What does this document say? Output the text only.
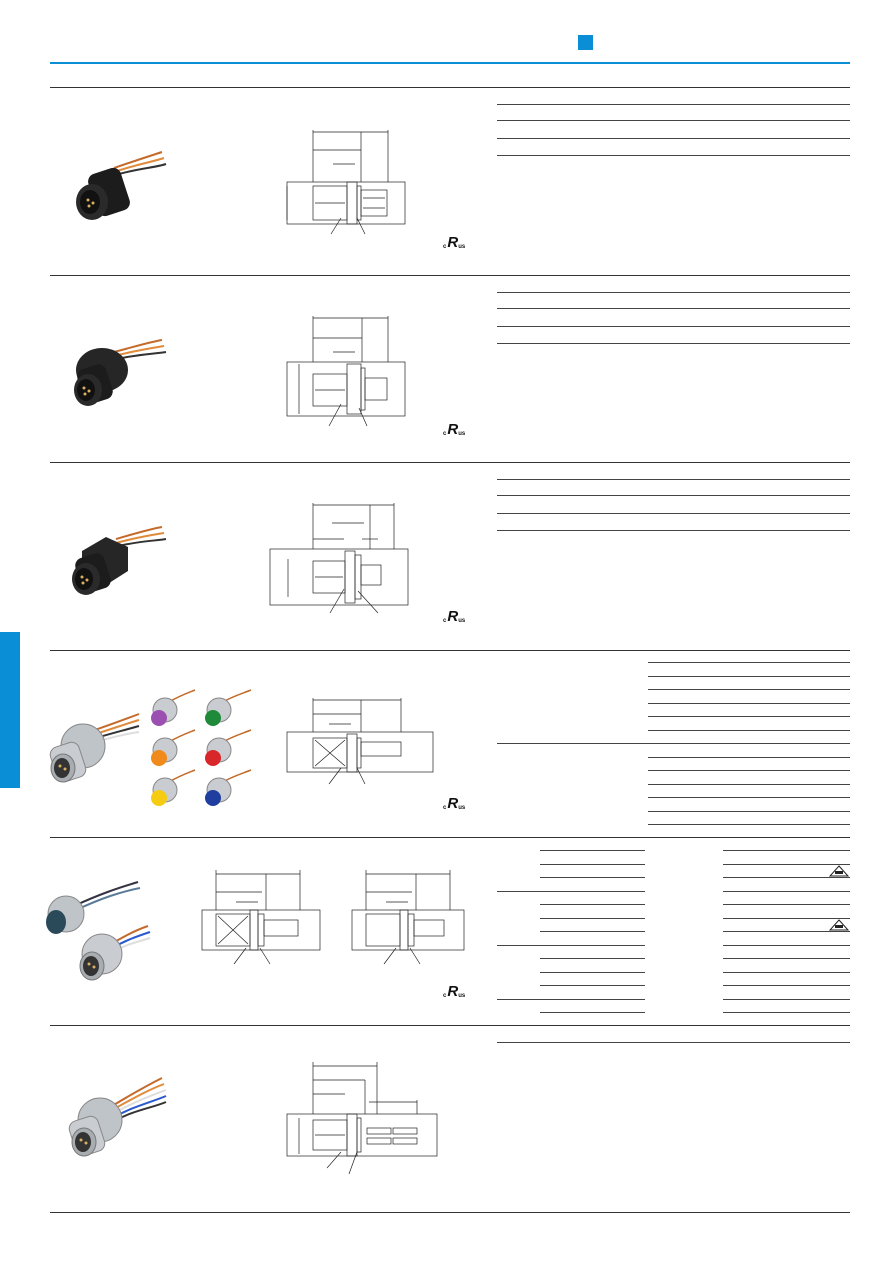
c R us
c R us
c R us
c R us
c R us
